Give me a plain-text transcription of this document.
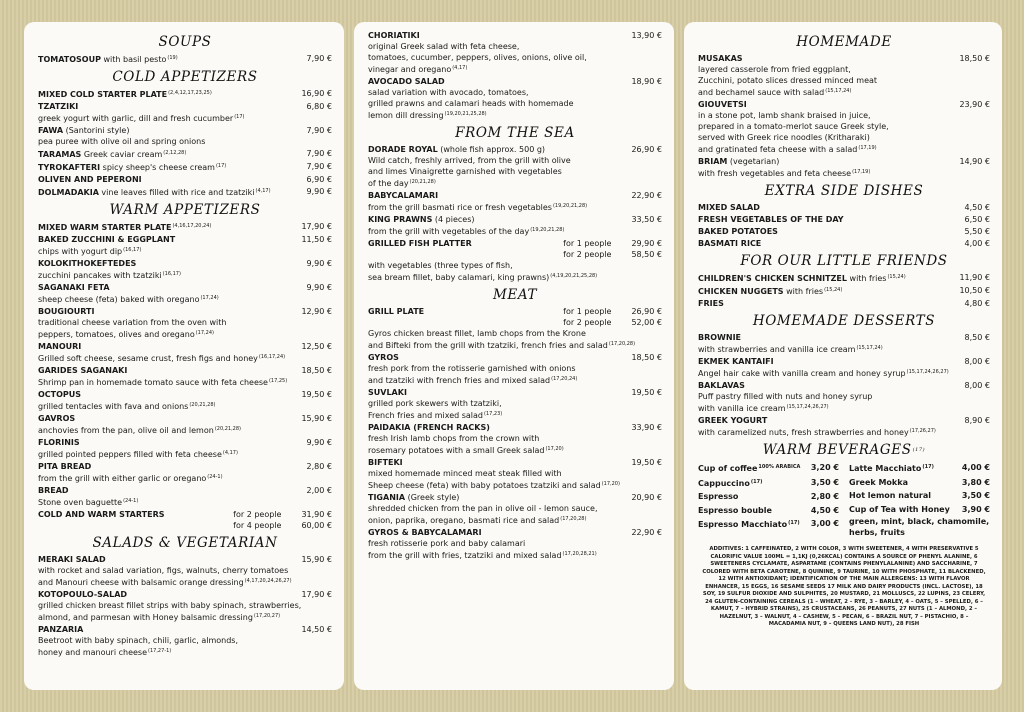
SOUPS
TOMATOSOUP with basil pesto$^{(19)}$	7,90 €
COLD APPETIZERS
MIXED COLD STARTER PLATE$^{(2,4,12,17,23,25)}$	16,90 €
TZATZIKI	6,80 €
greek yogurt with garlic, dill and fresh cucumber$^{(17)}$
FAWA (Santorini style)	7,90 €
pea puree with olive oil and spring onions
TARAMAS Greek caviar cream$^{(2,12,28)}$	7,90 €
TYROKAFTERI spicy sheep's cheese cream$^{(17)}$	7,90 €
OLIVEN AND PEPERONI	6,90 €
DOLMADAKIA vine leaves filled with rice and tzatziki$^{(4,17)}$	9,90 €
WARM APPETIZERS
MIXED WARM STARTER PLATE$^{(4,16,17,20,24)}$	17,90 €
BAKED ZUCCHINI & EGGPLANT	11,50 €
chips with yogurt dip$^{(16,17)}$
KOLOKITHOKEFTEDES	9,90 €
zucchini pancakes with tzatziki$^{(16,17)}$
SAGANAKI FETA	9,90 €
sheep cheese (feta) baked with oregano$^{(17,24)}$
BOUGIOURTI	12,90 €
traditional cheese variation from the oven with
peppers, tomatoes, olives and oregano$^{(17,24)}$
MANOURI	12,50 €
Grilled soft cheese, sesame crust, fresh figs and honey$^{(16,17,24)}$
GARIDES SAGANAKI	18,50 €
Shrimp pan in homemade tomato sauce with feta cheese$^{(17,25)}$
OCTOPUS	19,50 €
grilled tentacles with fava and onions$^{(20,21,28)}$
GAVROS	15,90 €
anchovies from the pan, olive oil and lemon$^{(20,21,28)}$
FLORINIS	9,90 €
grilled pointed peppers filled with feta cheese$^{(4,17)}$
PITA BREAD	2,80 €
from the grill with either garlic or oregano$^{(24-1)}$
BREAD	2,00 €
Stone oven baguette$^{(24-1)}$
COLD AND WARM STARTERS	for 2 people	31,90 €
for 4 people	60,00 €
SALADS & VEGETARIAN
MERAKI SALAD	15,90 €
with rocket and salad variation, figs, walnuts, cherry tomatoes
and Manouri cheese with balsamic orange dressing$^{(4,17,20,24,26,27)}$
KOTOPOULO-SALAD	17,90 €
grilled chicken breast fillet strips with baby spinach, strawberries,
almond, and parmesan with Honey balsamic dressing$^{(17,20,27)}$
PANZARIA	14,50 €
Beetroot with baby spinach, chili, garlic, almonds,
honey and manouri cheese$^{(17,27-1)}$
CHORIATIKI	13,90 €
original Greek salad with feta cheese,
tomatoes, cucumber, peppers, olives, onions, olive oil,
vinegar and oregano$^{(4,17)}$
AVOCADO SALAD	18,90 €
salad variation with avocado, tomatoes,
grilled prawns and calamari heads with homemade
lemon dill dressing$^{(19,20,21,25,28)}$
FROM THE SEA
DORADE ROYAL (whole fish approx. 500 g)	26,90 €
Wild catch, freshly arrived, from the grill with olive
and limes Vinaigrette garnished with vegetables
of the day$^{(20,21,28)}$
BABYCALAMARI	22,90 €
from the grill basmati rice or fresh vegetables$^{(19,20,21,28)}$
KING PRAWNS (4 pieces)	33,50 €
from the grill with vegetables of the day$^{(19,20,21,28)}$
GRILLED FISH PLATTER	for 1 people	29,90 €
for 2 people	58,50 €
with vegetables (three types of fish,
sea bream fillet, baby calamari, king prawns)$^{(4,19,20,21,25,28)}$
MEAT
GRILL PLATE	for 1 people	26,90 €
for 2 people	52,00 €
Gyros chicken breast fillet, lamb chops from the Krone
and Bifteki from the grill with tzatziki, french fries and salad$^{(17,20,28)}$
GYROS	18,50 €
fresh pork from the rotisserie garnished with onions
and tzatziki with french fries and mixed salad$^{(17,20,24)}$
SUVLAKI	19,50 €
grilled pork skewers with tzatziki,
French fries and mixed salad$^{(17,23)}$
PAIDAKIA (FRENCH RACKS)	33,90 €
fresh Irish lamb chops from the crown with
rosemary potatoes with a small Greek salad$^{(17,20)}$
BIFTEKI	19,50 €
mixed homemade minced meat steak filled with
Sheep cheese (feta) with baby potatoes tzatziki and salad$^{(17,20)}$
TIGANIA (Greek style)	20,90 €
shredded chicken from the pan in olive oil - lemon sauce,
onion, paprika, oregano, basmati rice and salad$^{(17,20,28)}$
GYROS & BABYCALAMARI	22,90 €
fresh rotisserie pork and baby calamari
from the grill with fries, tzatziki and mixed salad$^{(17,20,28,21)}$
HOMEMADE
MUSAKAS	18,50 €
layered casserole from fried eggplant,
Zucchini, potato slices dressed minced meat
and bechamel sauce with salad$^{(15,17,24)}$
GIOUVETSI	23,90 €
in a stone pot, lamb shank braised in juice,
prepared in a tomato-merlot sauce Greek style,
served with Greek rice noodles (Kritharaki)
and gratinated feta cheese with a salad$^{(17,19)}$
BRIAM (vegetarian)	14,90 €
with fresh vegetables and feta cheese$^{(17,19)}$
EXTRA SIDE DISHES
MIXED SALAD	4,50 €
FRESH VEGETABLES OF THE DAY	6,50 €
BAKED POTATOES	5,50 €
BASMATI RICE	4,00 €
FOR OUR LITTLE FRIENDS
CHILDREN'S CHICKEN SCHNITZEL with fries$^{(15,24)}$	11,90 €
CHICKEN NUGGETS with fries$^{(15,24)}$	10,50 €
FRIES	4,80 €
HOMEMADE DESSERTS
BROWNIE	8,50 €
with strawberries and vanilla ice cream$^{(15,17,24)}$
EKMEK KANTAIFI	8,00 €
Angel hair cake with vanilla cream and honey syrup$^{(15,17,24,26,27)}$
BAKLAVAS	8,00 €
Puff pastry filled with nuts and honey syrup
with vanilla ice cream$^{(15,17,24,26,27)}$
GREEK YOGURT	8,90 €
with caramelized nuts, fresh strawberries and honey$^{(17,26,27)}$
WARM BEVERAGES$^{(17)}$
Cup of coffee$^{100\% ARABICA}$	3,20 €
Cappuccino$^{(17)}$	3,50 €
Espresso	2,80 €
Espresso bouble	4,50 €
Espresso Macchiato$^{(17)}$	3,00 €
Latte Macchiato$^{(17)}$	4,00 €
Greek Mokka	3,80 €
Hot lemon natural	3,50 €
Cup of Tea with Honey	3,90 €
green, mint, black, chamomile, herbs, fruits
ADDITIVES: 1 CAFFEINATED, 2 WITH COLOR, 3 WITH SWEETENER, 4 WITH PRESERVATIVE 5 CALORIFIC VALUE 100ML = 1,1KJ (0,26KCAL) CONTAINS A SOURCE OF PHENYL ALANINE, 6 SWEETENERS CYCLAMATE, ASPARTAME (CONTAINS PHENYLALANINE) AND SACCHARINE, 7 COLORED WITH BETA CAROTENE, 8 QUININE, 9 TAURINE, 10 WITH PHOSPHATE, 11 BLACKENED, 12 WITH ANTIOXIDANT; IDENTIFICATION OF THE MAIN ALLERGENS: 13 WITH FLAVOR ENHANCER, 15 EGGS, 16 SESAME SEEDS 17 MILK AND DAIRY PRODUCTS (INCL. LACTOSE), 18 SOY, 19 SULFUR DIOXIDE AND SULPHITES, 20 MUSTARD, 21 MOLLUSCS, 22 LUPINS, 23 CELERY, 24 GLUTEN-CONTAINING CEREALS (1 – WHEAT, 2 – RYE, 3 – BARLEY, 4 – OATS, 5 – SPELLED, 6 – KAMUT, 7 – HYBRID STRAINS), 25 CRUSTACEANS, 26 PEANUTS, 27 NUTS (1 – ALMOND, 2 – HAZELNUT, 3 – WALNUT, 4 – CASHEW, 5 – PECAN, 6 – BRAZIL NUT, 7 – PISTACHIO, 8 – MACADAMIA NUT, 9 – QUEENS LAND NUT), 28 FISH
